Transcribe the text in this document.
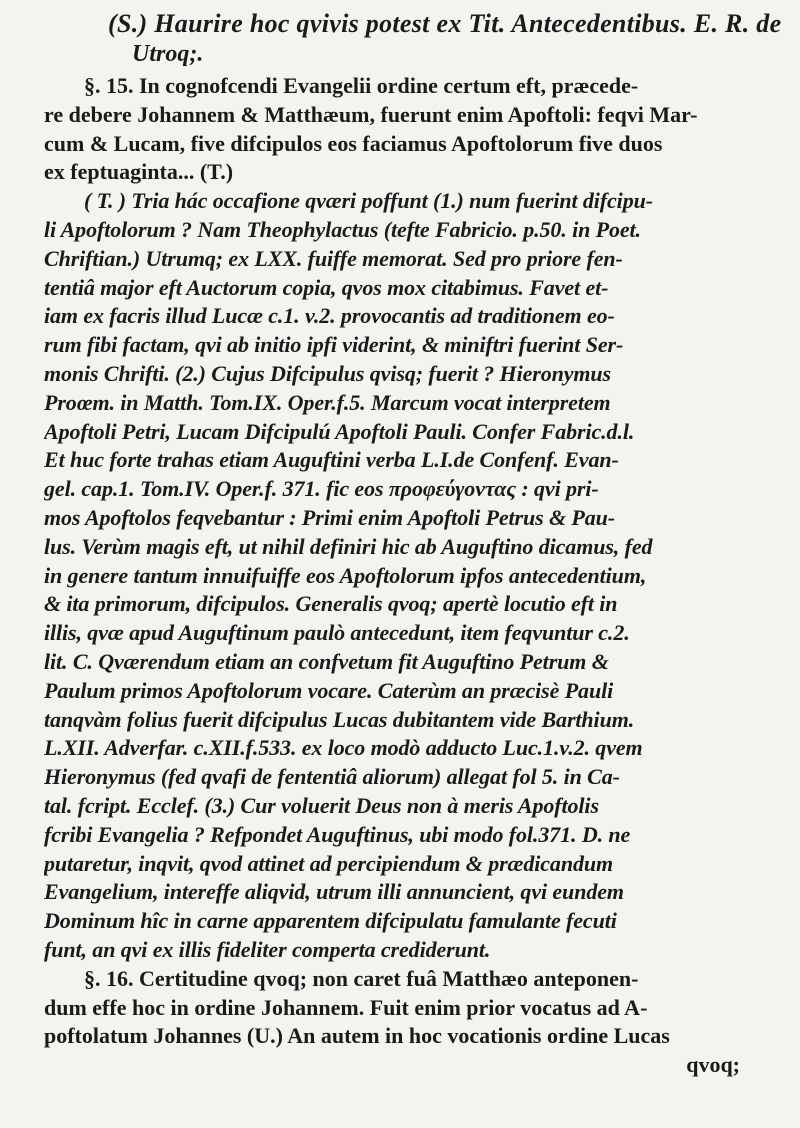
(S.) Haurire hoc qvivis potest ex Tit. Antecedentibus. E. R. de
Utroq;.
§. 15. In cognofcendi Evangelii ordine certum eft, præcede-
re debere Johannem & Matthæum, fuerunt enim Apoftoli: feqvi Mar-
cum & Lucam, five difcipulos eos faciamus Apoftolorum five duos
ex feptuaginta... (T.)
( T. ) Tria hác occafione qværi poffunt (1.) num fuerint difcipu-
li Apoftolorum ? Nam Theophylactus (tefte Fabricio. p.50. in Poet.
Chriftian.) Utrumq; ex LXX. fuiffe memorat. Sed pro priore fen-
tentiâ major eft Auctorum copia, qvos mox citabimus. Favet et-
iam ex facris illud Lucæ c.1. v.2. provocantis ad traditionem eo-
rum fibi factam, qvi ab initio ipfi viderint, & miniftri fuerint Ser-
monis Chrifti. (2.) Cujus Difcipulus qvisq; fuerit ? Hieronymus
Proœm. in Matth. Tom.IX. Oper.f.5. Marcum vocat interpretem
Apoftoli Petri, Lucam Difcipulú Apoftoli Pauli. Confer Fabric.d.l.
Et huc forte trahas etiam Auguftini verba L.I.de Confenf. Evan-
gel. cap.1. Tom.IV. Oper.f. 371. fic eos προφεύγοντας : qvi pri-
mos Apoftolos feqvebantur : Primi enim Apoftoli Petrus & Pau-
lus. Verùm magis eft, ut nihil definiri hic ab Auguftino dicamus, fed
in genere tantum innuifuiffe eos Apoftolorum ipfos antecedentium,
& ita primorum, difcipulos. Generalis qvoq; apertè locutio eft in
illis, qvæ apud Auguftinum paulò antecedunt, item feqvuntur c.2.
lit. C. Qværendum etiam an confvetum fit Auguftino Petrum &
Paulum primos Apoftolorum vocare. Caterùm an præcisè Pauli
tanqvàm folius fuerit difcipulus Lucas dubitantem vide Barthium.
L.XII. Adverfar. c.XII.f.533. ex loco modò adducto Luc.1.v.2. qvem
Hieronymus (fed qvafi de fententiâ aliorum) allegat fol 5. in Ca-
tal. fcript. Ecclef. (3.) Cur voluerit Deus non à meris Apoftolis
fcribi Evangelia ? Refpondet Auguftinus, ubi modo fol.371. D. ne
putaretur, inqvit, qvod attinet ad percipiendum & prædicandum
Evangelium, intereffe aliqvid, utrum illi annuncient, qvi eundem
Dominum hîc in carne apparentem difcipulatu famulante fecuti
funt, an qvi ex illis fideliter comperta crediderunt.
§. 16. Certitudine qvoq; non caret fuâ Matthæo anteponen-
dum effe hoc in ordine Johannem. Fuit enim prior vocatus ad A-
poftolatum Johannes (U.) An autem in hoc vocationis ordine Lucas
qvoq;
